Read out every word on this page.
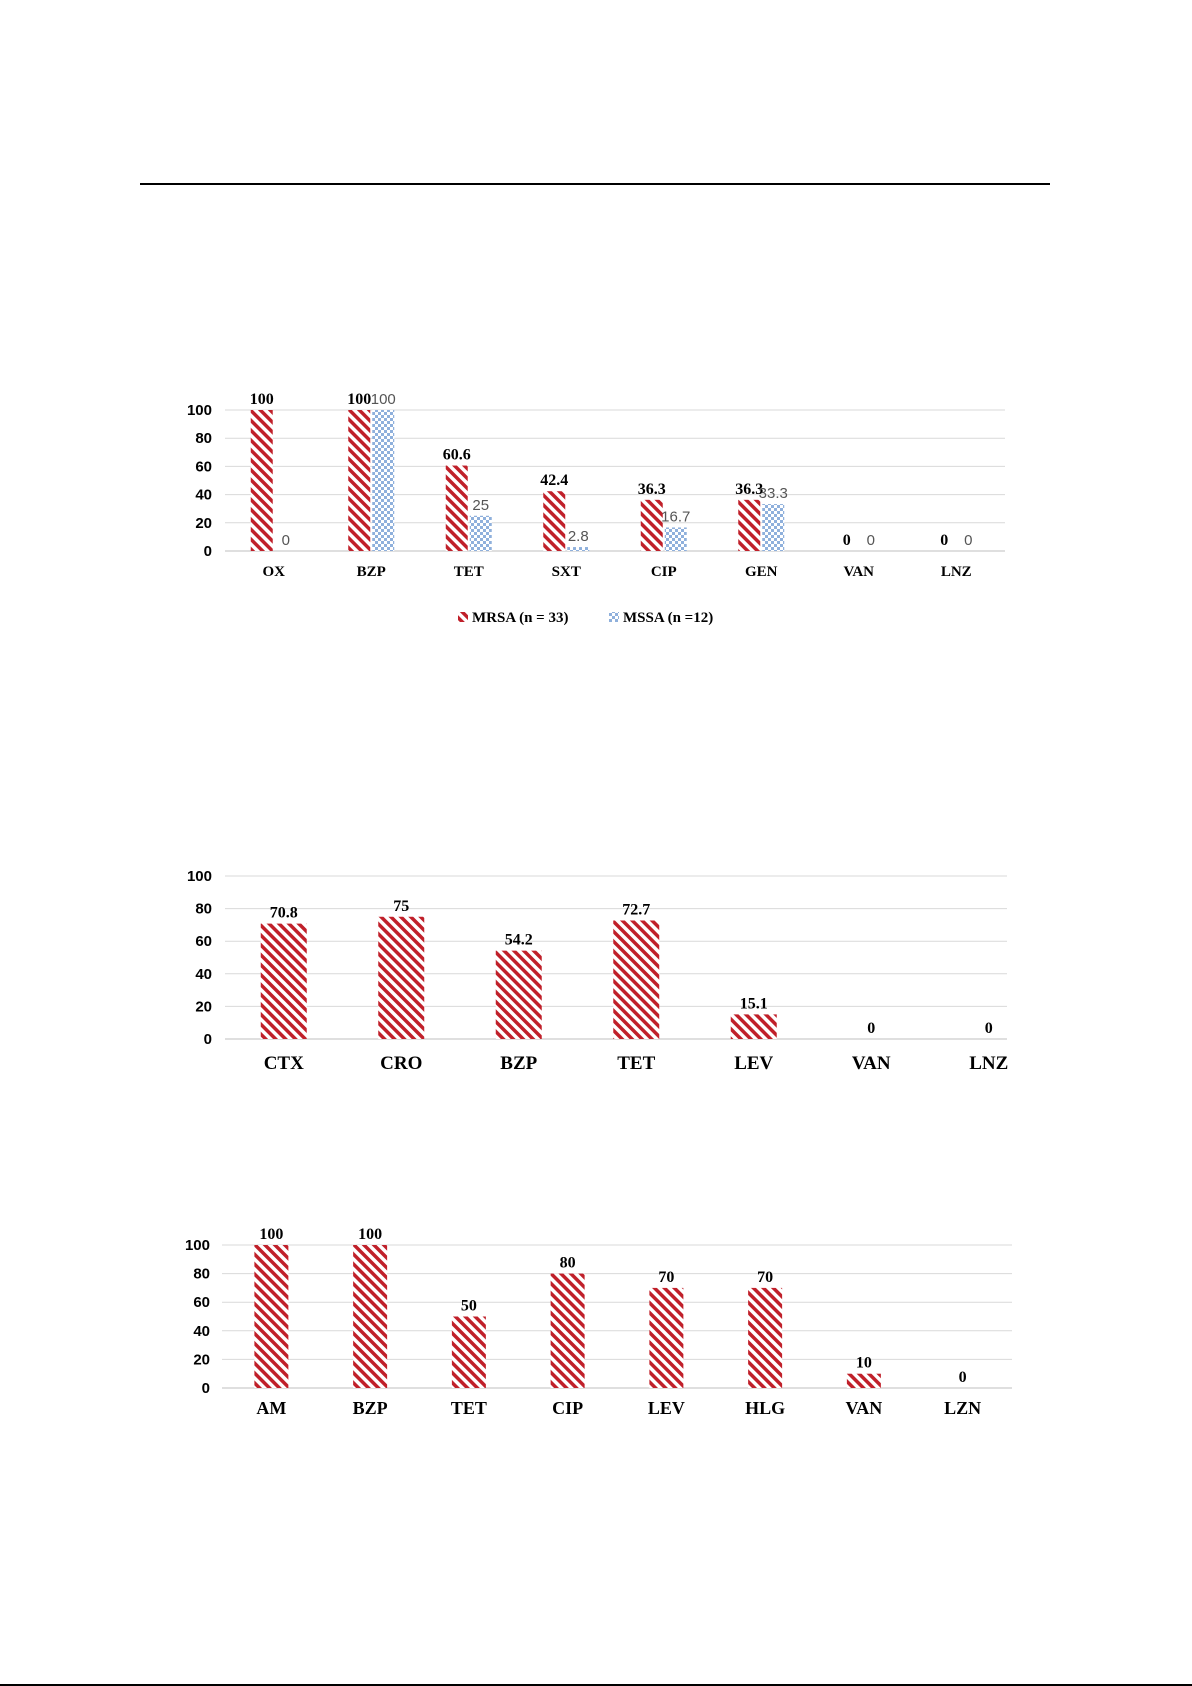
0
20
40
60
80
100
100
0
OX
100 100
BZP
60.6
25
TET
42.4
2.8
SXT
36.3
16.7
CIP
36.3
33.3
GEN
0 0
VAN
0 0
LNZ
MRSA (n = 33)	MSSA (n =12)
0
20
40
60
80
100
70.8
CTX
75
CRO
54.2
BZP
72.7
TET
15.1
LEV
0
VAN
0
LNZ
0
20
40
60
80
100
100
AM
100
BZP
50
TET
80
CIP
70
LEV
70
HLG
10
VAN
0
LZN
